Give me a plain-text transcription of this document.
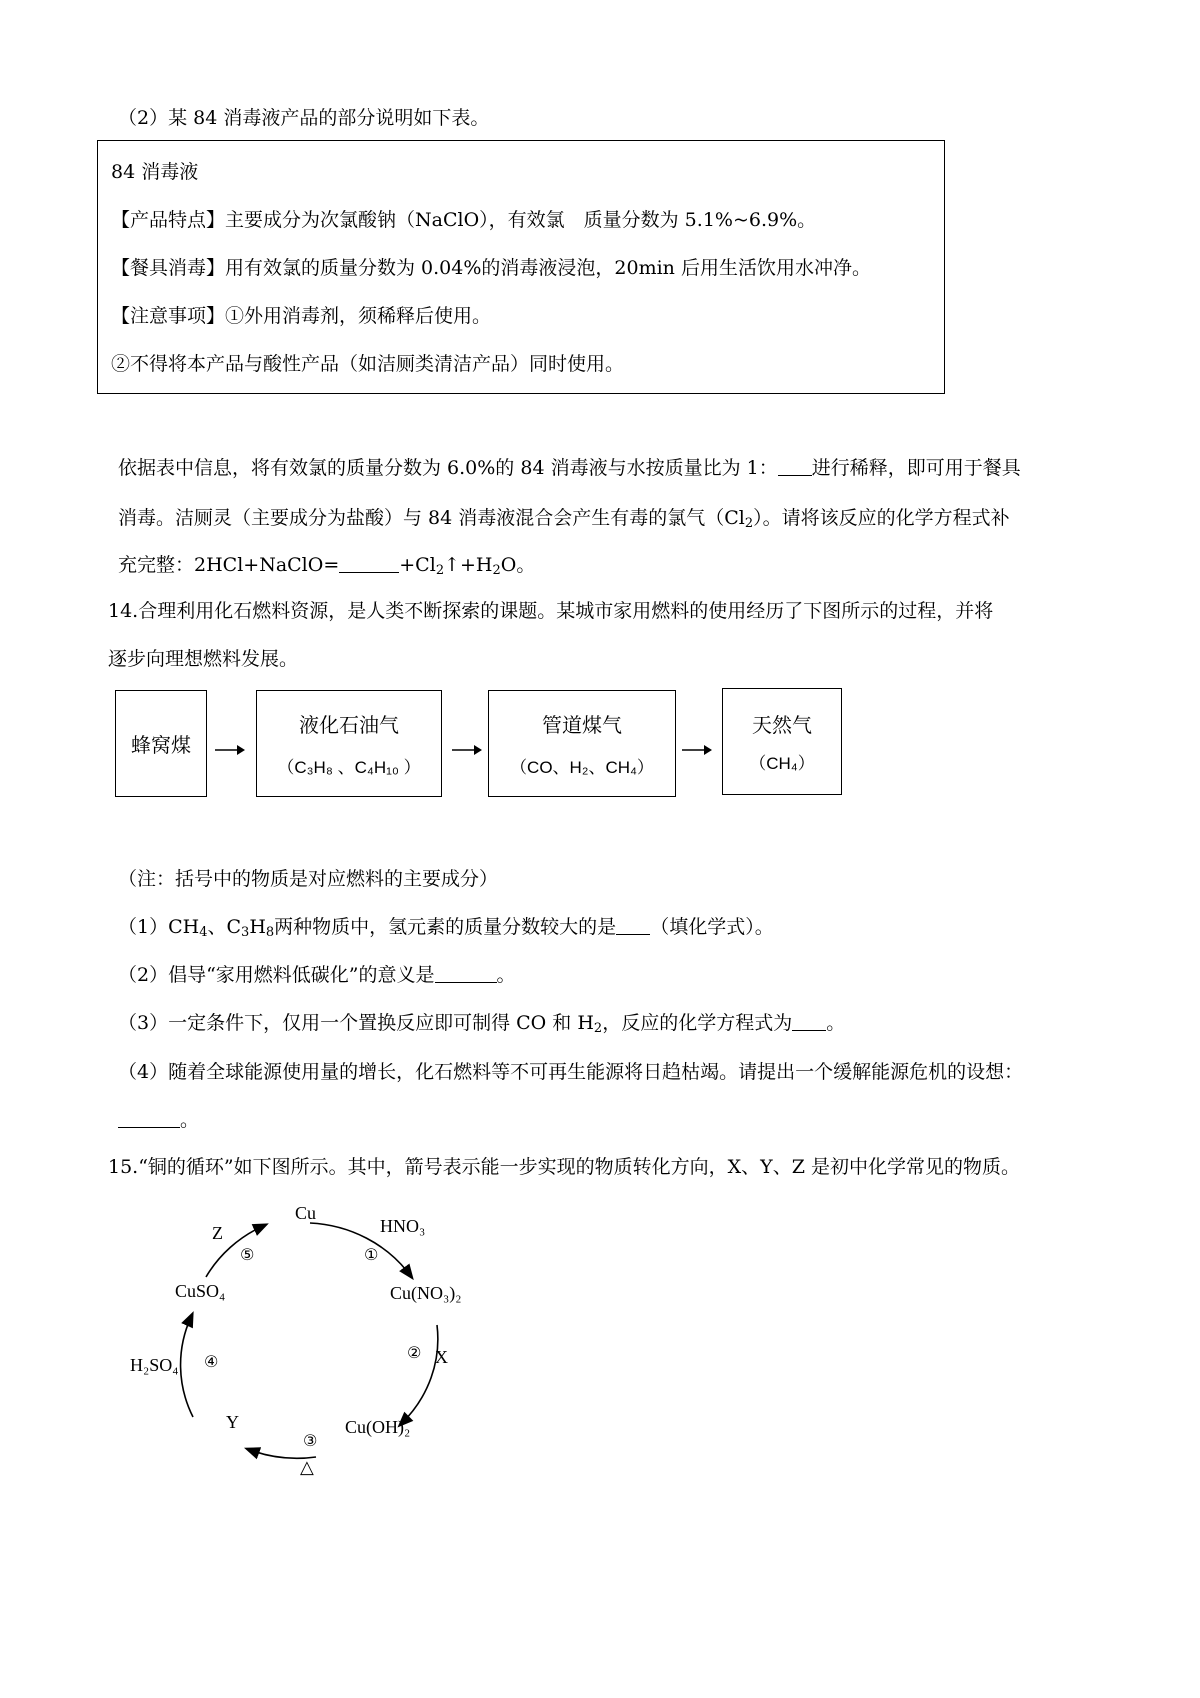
（2）某 84 消毒液产品的部分说明如下表。
84 消毒液
【产品特点】主要成分为次氯酸钠（NaClO），有效氯　质量分数为 5.1%~6.9%。
【餐具消毒】用有效氯的质量分数为 0.04%的消毒液浸泡，20min 后用生活饮用水冲净。
【注意事项】①外用消毒剂，须稀释后使用。
②不得将本产品与酸性产品（如洁厕类清洁产品）同时使用。
依据表中信息，将有效氯的质量分数为 6.0%的 84 消毒液与水按质量比为 1： 进行稀释，即可用于餐具
消毒。洁厕灵（主要成分为盐酸）与 84 消毒液混合会产生有毒的氯气$(Cl_2)$。请将该反应的化学方程式补
充完整：2HCl+NaClO=	$+Cl_2↑+H_2O$。
14.合理利用化石燃料资源，是人类不断探索的课题。某城市家用燃料的使用经历了下图所示的过程，并将
逐步向理想燃料发展。
蜂窝煤
液化石油气
（C₃H₈ 、C₄H₁₀ ）
管道煤气
（CO、H₂、CH₄）
天然气
（CH₄）
（注：括号中的物质是对应燃料的主要成分）
$(1)CH_4$、$C_3H_8$两种物质中，氢元素的质量分数较大的是 （填化学式）。
（2）倡导“家用燃料低碳化”的意义是	。
（3）一定条件下，仅用一个置换反应即可制得 CO 和 $H_2$，反应的化学方程式为 。
（4）随着全球能源使用量的增长，化石燃料等不可再生能源将日趋枯竭。请提出一个缓解能源危机的设想：
。
15.“铜的循环”如下图所示。其中，箭号表示能一步实现的物质转化方向，X、Y、Z 是初中化学常见的物质。
Cu
HNO₃
①
Cu(NO₃)₂
② X
Cu(OH)₂
③
△
Y
H₂SO₄ ④
CuSO₄
Z
⑤
